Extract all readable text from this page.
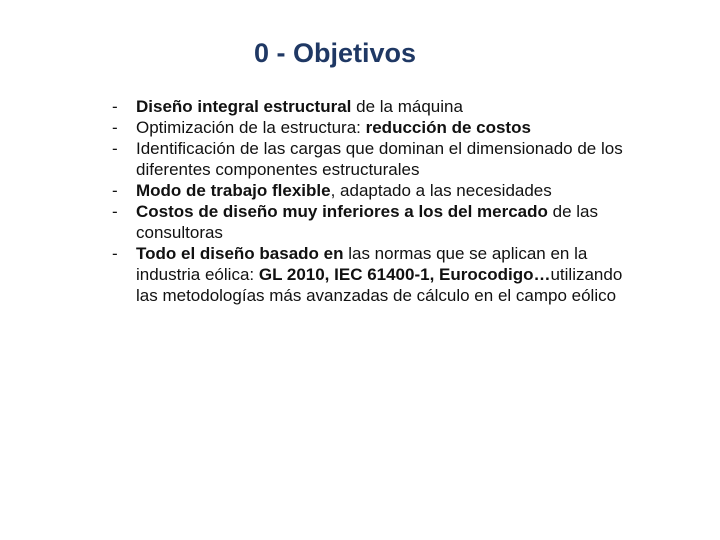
0 - Objetivos
- Diseño integral estructural de la máquina
- Optimización de la estructura: reducción de costos
- Identificación de las cargas que dominan el dimensionado de los diferentes componentes estructurales
- Modo de trabajo flexible, adaptado a las necesidades
- Costos de diseño muy inferiores a los del mercado de las consultoras
- Todo el diseño basado en las normas que se aplican en la industria eólica: GL 2010, IEC 61400-1, Eurocodigo…utilizando las metodologías más avanzadas de cálculo en el campo eólico
